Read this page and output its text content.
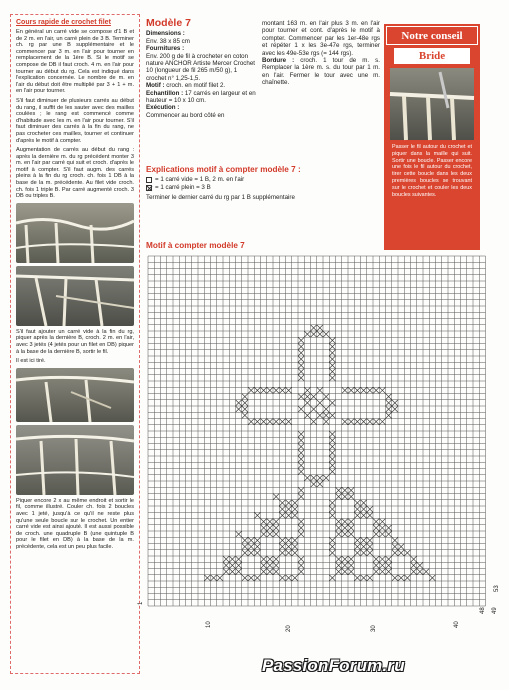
Cours rapide de crochet filet

En général un carré vide se compose d'1 B et de 2 m. en l'air, un carré plein de 3 B. Terminer ch. rg par une B supplémentaire et le commencer par 3 m. en l'air pour tourner en remplacement de la 1ère B. Si le motif se compose de DB il faut croch. 4 m. en l'air pour tourner au début du rg. Cela est indiqué dans l'explication concernée. Le nombre de m. en l'air du début doit être multiplié par 3 + 1 + m. en l'air pour tourner.

S'il faut diminuer de plusieurs carrés au début du rang, il suffit de les sauter avec des mailles coulées ; le rang est commencé comme d'habitude avec les m. en l'air pour tourner. S'il faut diminuer des carrés à la fin du rang, ne pas crocheter ces mailles, tourner et continuer d'après le motif à compter.

Augmentation de carrés au début du rang : après la dernière m. du rg précédent monter 3 m. en l'air par carré qui suit et croch. d'après le motif à compter. S'il faut augm. des carrés pleins à la fin du rg croch. ch. fois 1 DB à la base de la m. précédente. Au filet vide croch. ch. fois 1 triple B. Par carré augmenté croch. 3 DB ou triples B.

S'il faut ajouter un carré vide à la fin du rg, piquer après la dernière B, croch. 2 m. en l'air, avec 3 jetés (4 jetés pour un filet en DB) piquer à la base de la dernière B, sortir le fil.

Il est ici tiré.

Piquer encore 2 x au même endroit et sortir le fil, comme illustré. Couler ch. fois 2 boucles avec 1 jeté, jusqu'à ce qu'il ne reste plus qu'une seule boucle sur le crochet. Un entier carré vide est ainsi ajouté. Il est aussi possible de croch. une quadruple B (une quintuple B pour le filet en DB) à la base de la m. précédente, cela est un peu plus facile.

Modèle 7

Dimensions :

Env. 38 x 85 cm

Fournitures :

Env. 200 g de fil à crocheter en coton nature ANCHOR Artiste Mercer Crochet 10 (longueur de fil 265 m/50 g), 1 crochet n° 1,25-1,5.

Motif : croch. en motif filet 2.

Echantillon : 17 carrés en largeur et en hauteur = 10 x 10 cm.

Exécution :

Commencer au bord côté en

montant 163 m. en l'air plus 3 m. en l'air pour tourner et cont. d'après le motif à compter. Commencer par les 1er-48e rgs et répéter 1 x les 3e-47e rgs, terminer avec les 49e-53e rgs (= 144 rgs).

Bordure : croch. 1 tour de m. s. Remplacer la 1ère m. s. du tour par 1 m. en l'air. Fermer le tour avec une m. chaînette.

Explications motif à compter modèle 7 :
= 1 carré vide = 1 B, 2 m. en l'air
= 1 carré plein = 3 B
Terminer le dernier carré du rg par 1 B supplémentaire
Motif à compter modèle 7
Notre conseil
Bride
Passer le fil autour du crochet et piquer dans la maille qui suit. Sortir une boucle. Passer encore une fois le fil autour du crochet, tirer cette boucle dans les deux premières boucles se trouvant sur le crochet et couler les deux boucles suivantes.
1
10
20	30
40
48 49
53
PassionForum.ru
